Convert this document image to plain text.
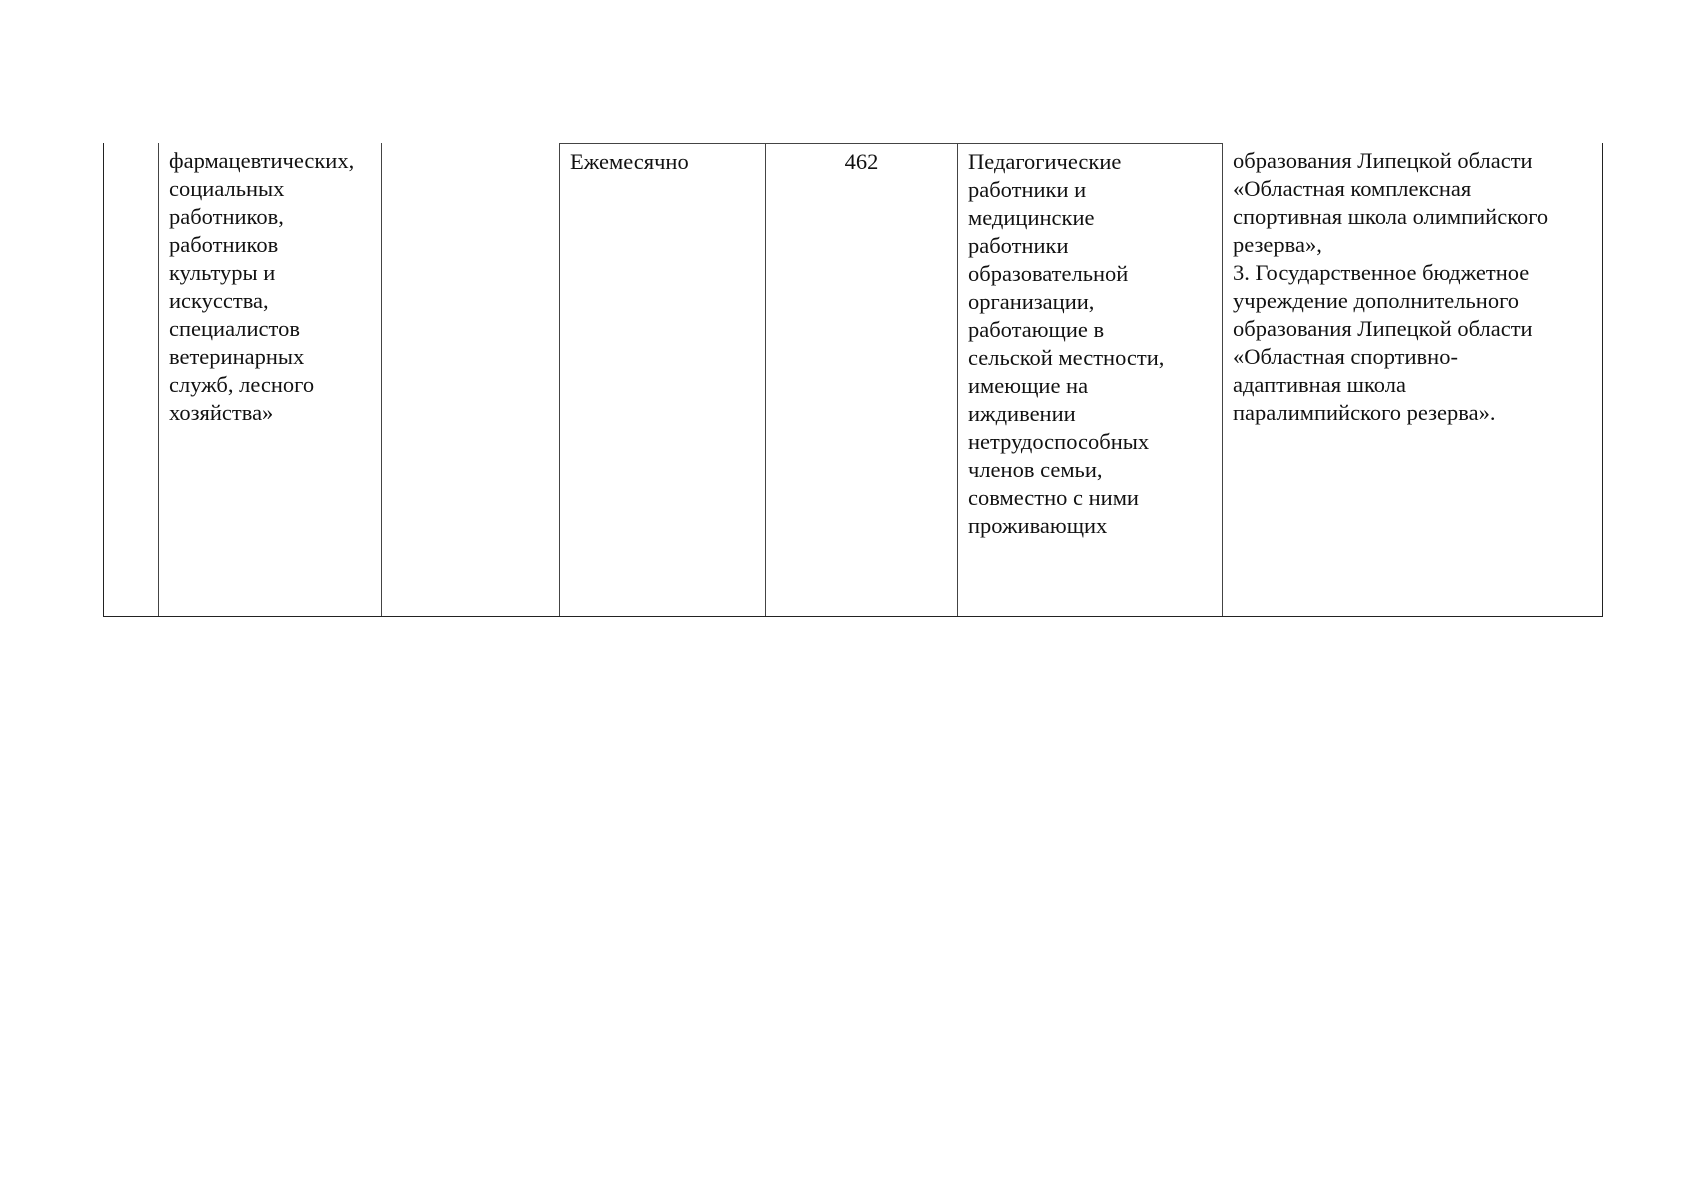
фармацевтических,
социальных
работников,
работников
культуры и
искусства,
специалистов
ветеринарных
служб, лесного
хозяйства»
Ежемесячно	462	Педагогические
работники и
медицинские
работники
образовательной
организации,
работающие в
сельской местности,
имеющие на
иждивении
нетрудоспособных
членов семьи,
совместно с ними
проживающих
образования Липецкой области
«Областная комплексная
спортивная школа олимпийского
резерва»,
3. Государственное бюджетное
учреждение дополнительного
образования Липецкой области
«Областная спортивно-
адаптивная школа
паралимпийского резерва».
